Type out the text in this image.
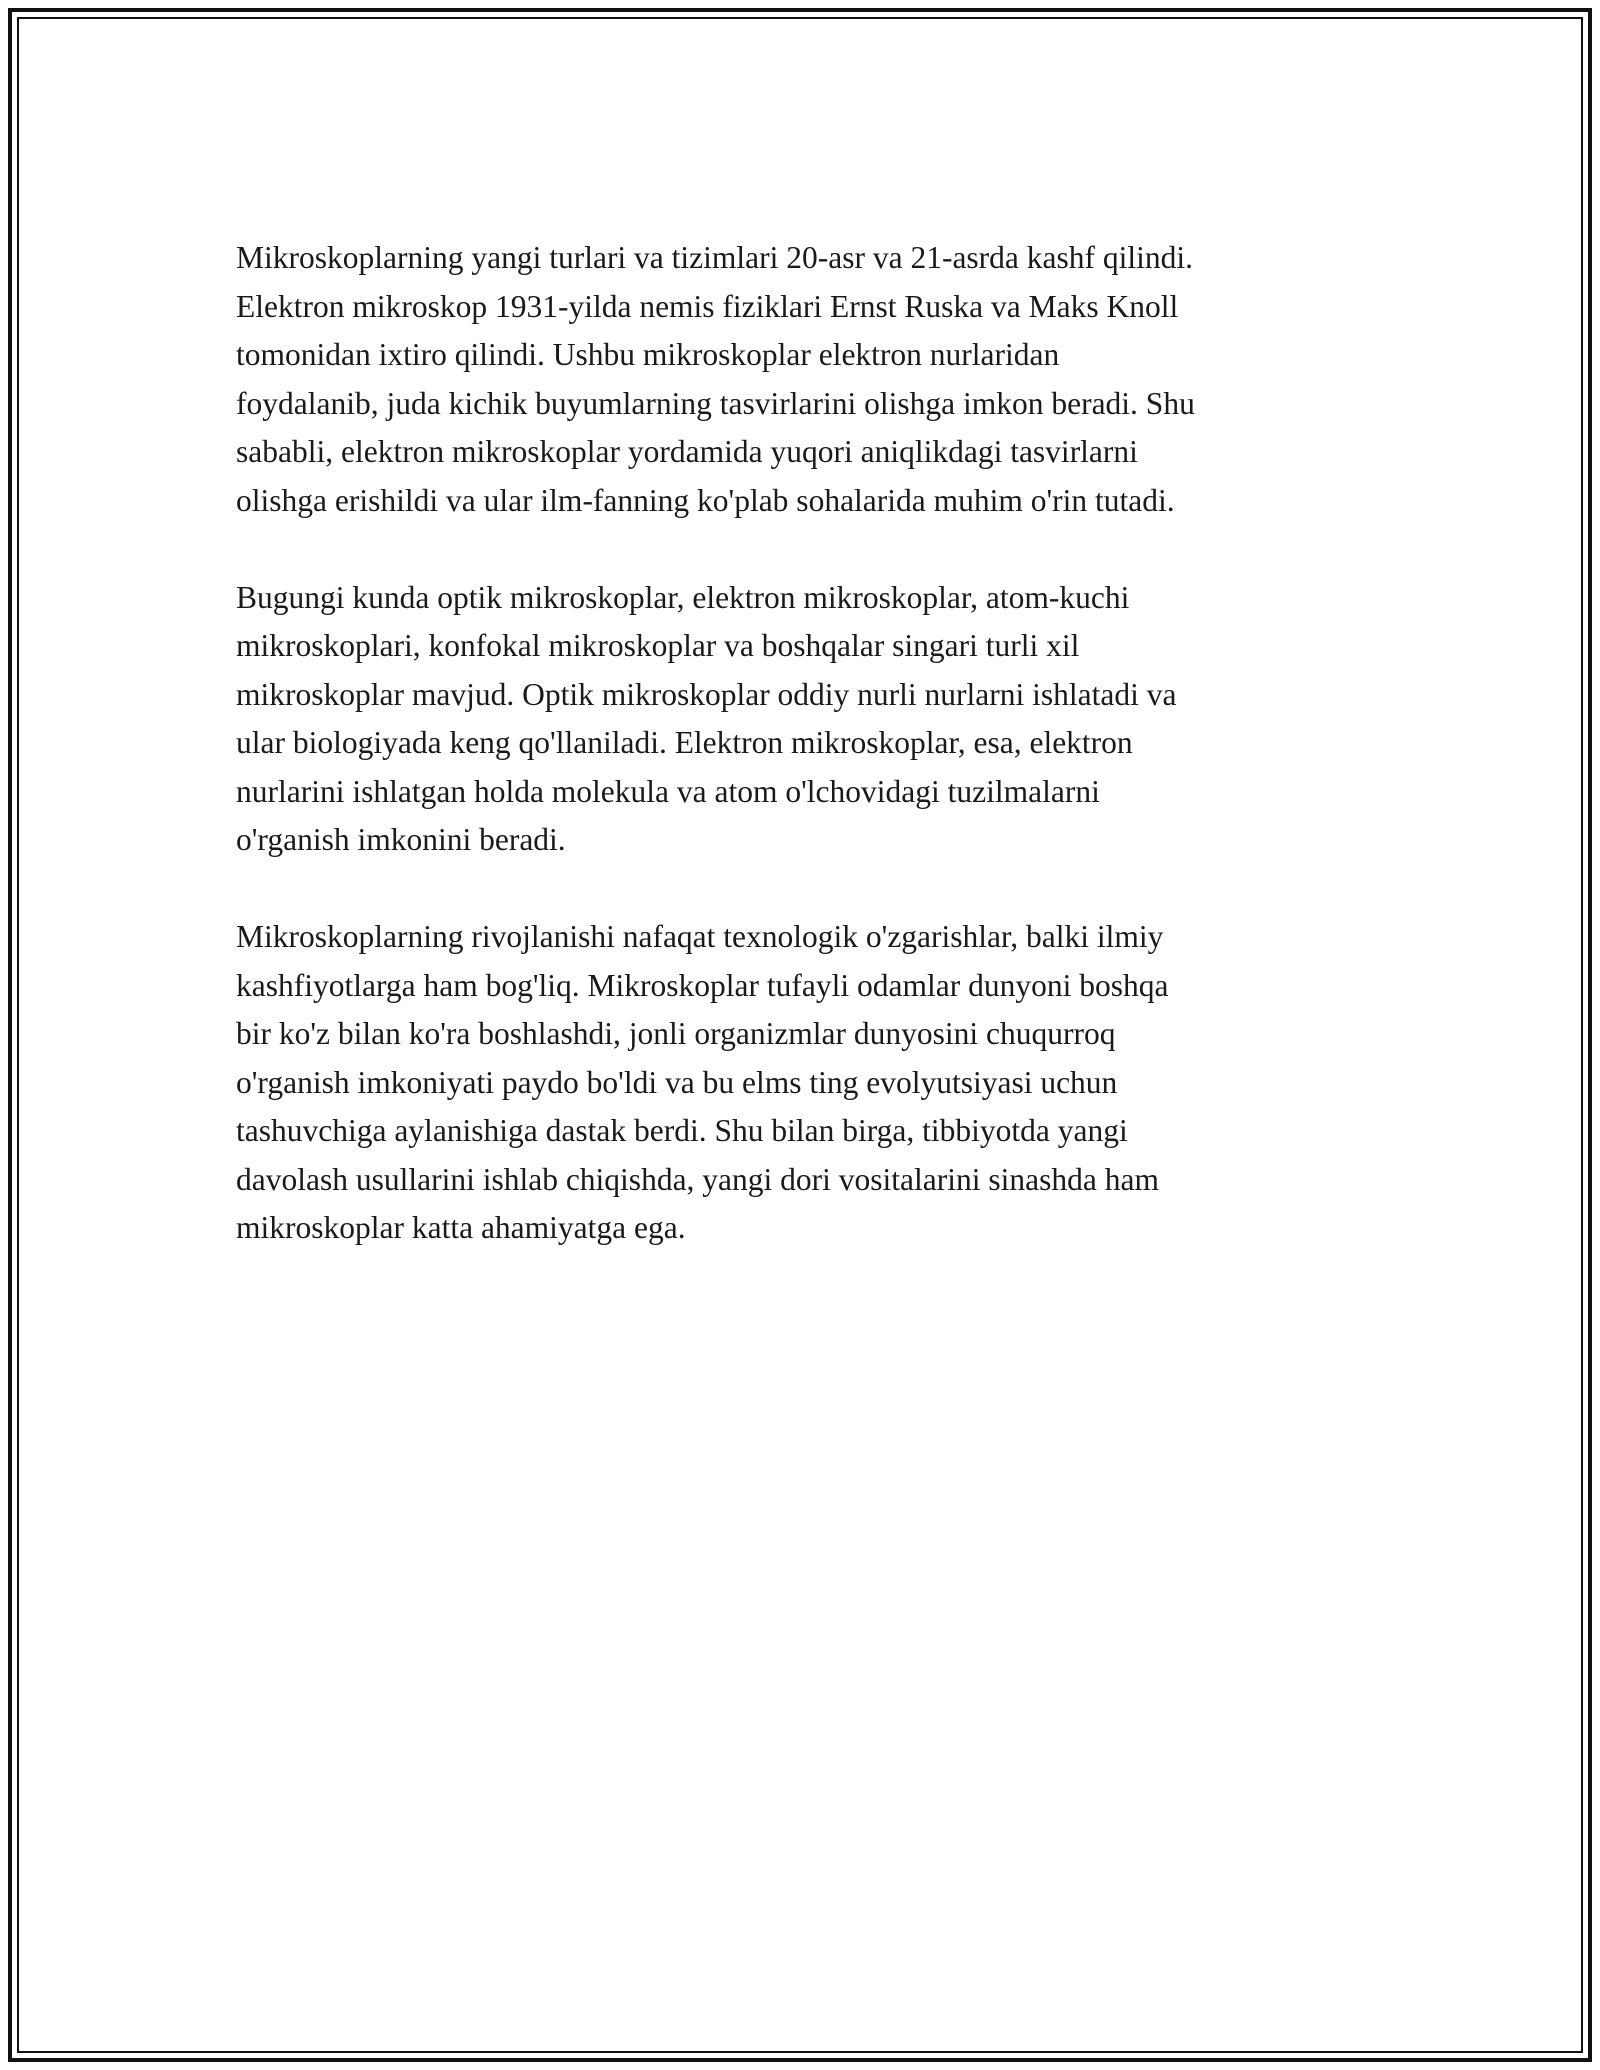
Mikroskoplarning yangi turlari va tizimlari 20-asr va 21-asrda kashf qilindi.
Elektron mikroskop 1931-yilda nemis fiziklari Ernst Ruska va Maks Knoll
tomonidan ixtiro qilindi. Ushbu mikroskoplar elektron nurlaridan
foydalanib, juda kichik buyumlarning tasvirlarini olishga imkon beradi. Shu
sababli, elektron mikroskoplar yordamida yuqori aniqlikdagi tasvirlarni
olishga erishildi va ular ilm-fanning ko'plab sohalarida muhim o'rin tutadi.

Bugungi kunda optik mikroskoplar, elektron mikroskoplar, atom-kuchi
mikroskoplari, konfokal mikroskoplar va boshqalar singari turli xil
mikroskoplar mavjud. Optik mikroskoplar oddiy nurli nurlarni ishlatadi va
ular biologiyada keng qo'llaniladi. Elektron mikroskoplar, esa, elektron
nurlarini ishlatgan holda molekula va atom o'lchovidagi tuzilmalarni
o'rganish imkonini beradi.

Mikroskoplarning rivojlanishi nafaqat texnologik o'zgarishlar, balki ilmiy
kashfiyotlarga ham bog'liq. Mikroskoplar tufayli odamlar dunyoni boshqa
bir ko'z bilan ko'ra boshlashdi, jonli organizmlar dunyosini chuqurroq
o'rganish imkoniyati paydo bo'ldi va bu elms ting evolyutsiyasi uchun
tashuvchiga aylanishiga dastak berdi. Shu bilan birga, tibbiyotda yangi
davolash usullarini ishlab chiqishda, yangi dori vositalarini sinashda ham
mikroskoplar katta ahamiyatga ega.
